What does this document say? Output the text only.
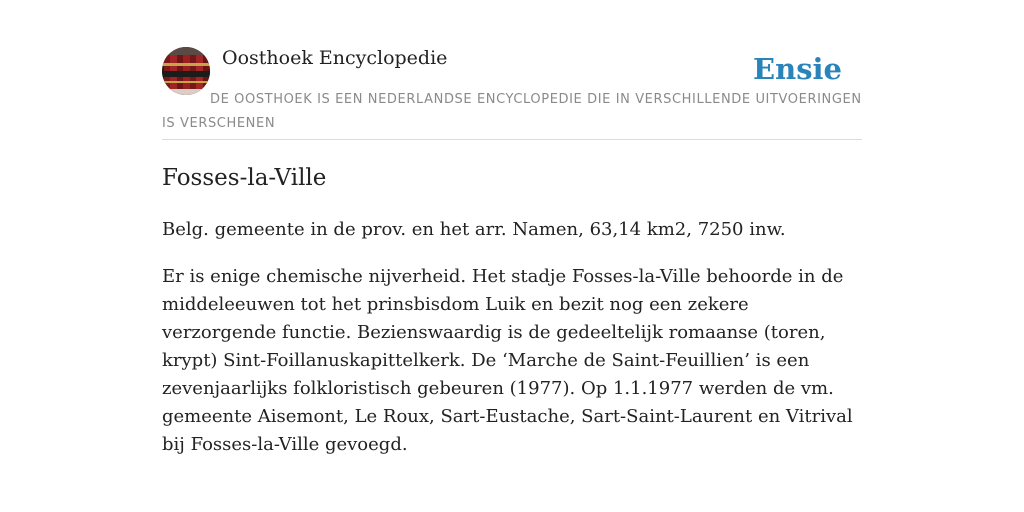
Oosthoek Encyclopedie	Ensie

DE OOSTHOEK IS EEN NEDERLANDSE ENCYCLOPEDIE DIE IN VERSCHILLENDE UITVOERINGEN IS VERSCHENEN

Fosses-la-Ville

Belg. gemeente in de prov. en het arr. Namen, 63,14 km2, 7250 inw.

Er is enige chemische nijverheid. Het stadje Fosses-la-Ville behoorde in de middeleeuwen tot het prinsbisdom Luik en bezit nog een zekere verzorgende functie. Bezienswaardig is de gedeeltelijk romaanse (toren, krypt) Sint-Foillanuskapittelkerk. De ‘Marche de Saint-Feuillien’ is een zevenjaarlijks folkloristisch gebeuren (1977). Op 1.1.1977 werden de vm. gemeente Aisemont, Le Roux, Sart-Eustache, Sart-Saint-Laurent en Vitrival bij Fosses-la-Ville gevoegd.
